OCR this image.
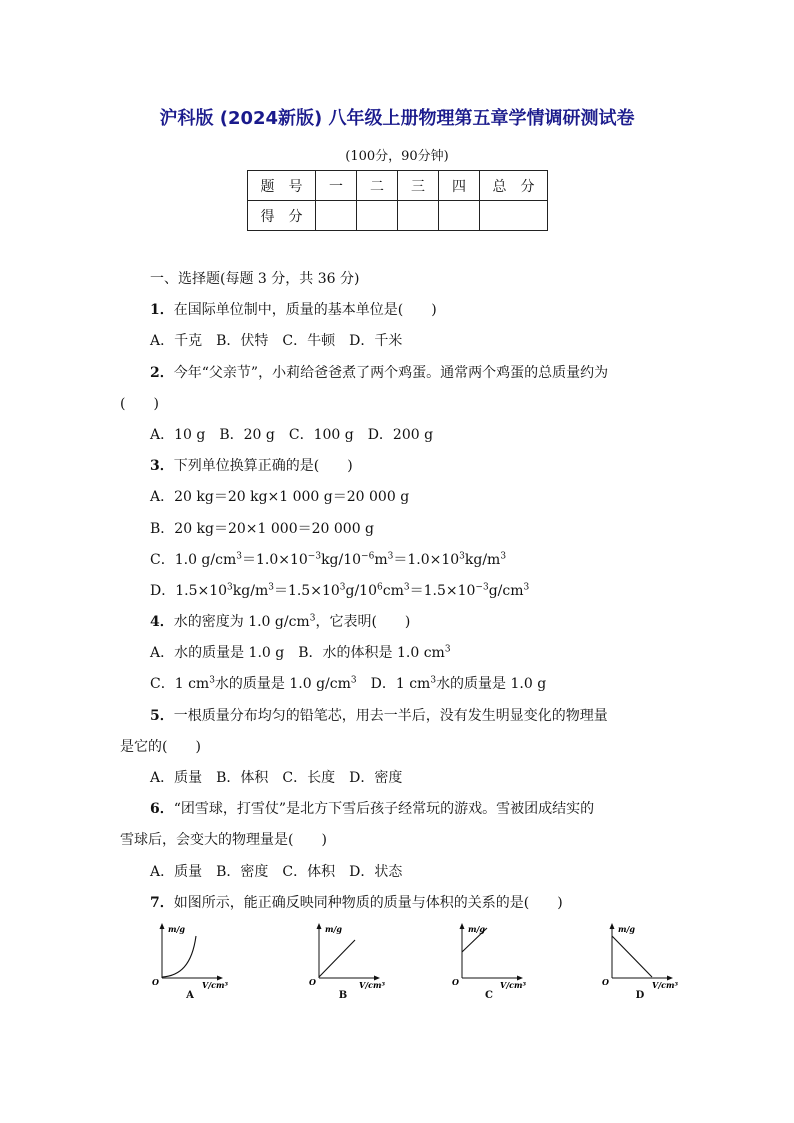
沪科版 (2024新版) 八年级上册物理第五章学情调研测试卷
(100分，90分钟)
题　号	一	二	三	四	总　分
得　分					
一、选择题(每题 3 分，共 36 分)
1．在国际单位制中，质量的基本单位是(　　)
A．千克　B．伏特　C．牛顿　D．千米
2．今年“父亲节”，小莉给爸爸煮了两个鸡蛋。通常两个鸡蛋的总质量约为
(　　)
A．10 g　B．20 g　C．100 g　D．200 g
3．下列单位换算正确的是(　　)
A．20 kg＝20 kg×1 000 g＝20 000 g
B．20 kg＝20×1 000＝20 000 g
C．1.0 $g/cm^3=1.0\times 10^{-3}kg/10^{-6}m^3=1.0\times 10^3kg/m^3$
D．$1.5\times 10^3kg/m^3=1.5\times 10^3g/10^6cm^3=1.5\times 10^{-3}g/cm^3$
4．水的密度为 1.0 $g/cm^3$，它表明(　　)
A．水的质量是 1.0 g　B．水的体积是 1.0 $cm^3$
C．1 $cm^3$水的质量是 1.0 $g/cm^3$　D．1 $cm^3$水的质量是 1.0 g
5．一根质量分布均匀的铅笔芯，用去一半后，没有发生明显变化的物理量
是它的(　　)
A．质量　B．体积　C．长度　D．密度
6．“团雪球，打雪仗”是北方下雪后孩子经常玩的游戏。雪被团成结实的
雪球后，会变大的物理量是(　　)
A．质量　B．密度　C．体积　D．状态
7．如图所示，能正确反映同种物质的质量与体积的关系的是(　　)
m/g
V/cm³
O
A
m/g
V/cm³
O
B
m/g
V/cm³
O
C
m/g
V/cm³
O
D
